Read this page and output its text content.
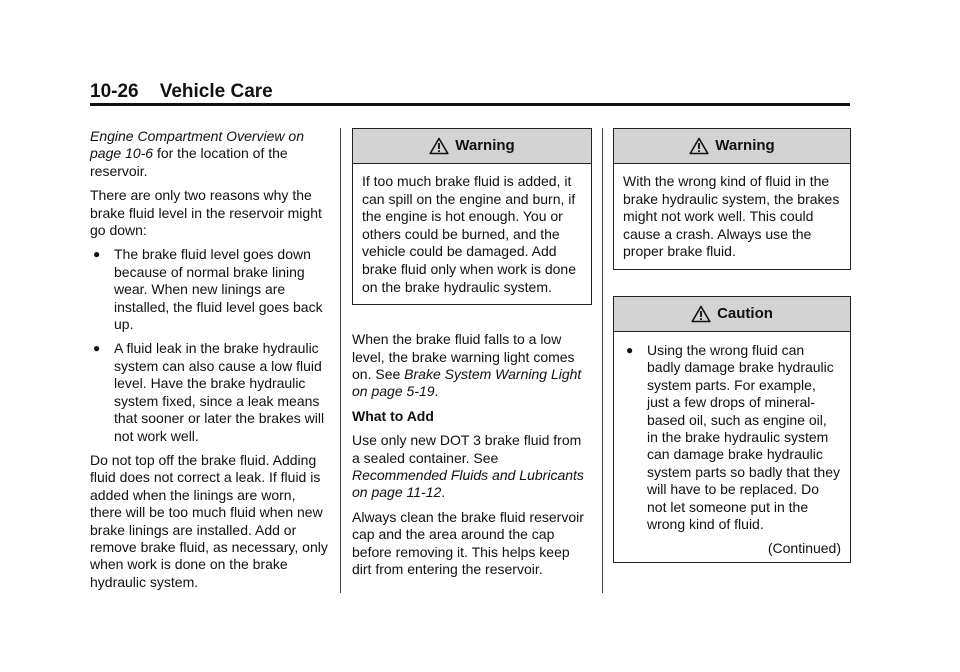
10-26 Vehicle Care

Engine Compartment Overview on page 10-6 for the location of the reservoir.

There are only two reasons why the brake fluid level in the reservoir might go down:

● The brake fluid level goes down because of normal brake lining wear. When new linings are installed, the fluid level goes back up.
● A fluid leak in the brake hydraulic system can also cause a low fluid level. Have the brake hydraulic system fixed, since a leak means that sooner or later the brakes will not work well.

Do not top off the brake fluid. Adding fluid does not correct a leak. If fluid is added when the linings are worn, there will be too much fluid when new brake linings are installed. Add or remove brake fluid, as necessary, only when work is done on the brake hydraulic system.

Warning

If too much brake fluid is added, it can spill on the engine and burn, if the engine is hot enough. You or others could be burned, and the vehicle could be damaged. Add brake fluid only when work is done on the brake hydraulic system.

When the brake fluid falls to a low level, the brake warning light comes on. See Brake System Warning Light on page 5-19.

What to Add

Use only new DOT 3 brake fluid from a sealed container. See Recommended Fluids and Lubricants on page 11-12.

Always clean the brake fluid reservoir cap and the area around the cap before removing it. This helps keep dirt from entering the reservoir.

Warning

With the wrong kind of fluid in the brake hydraulic system, the brakes might not work well. This could cause a crash. Always use the proper brake fluid.

Caution
● Using the wrong fluid can badly damage brake hydraulic system parts. For example, just a few drops of mineral-based oil, such as engine oil, in the brake hydraulic system can damage brake hydraulic system parts so badly that they will have to be replaced. Do not let someone put in the wrong kind of fluid.

(Continued)
